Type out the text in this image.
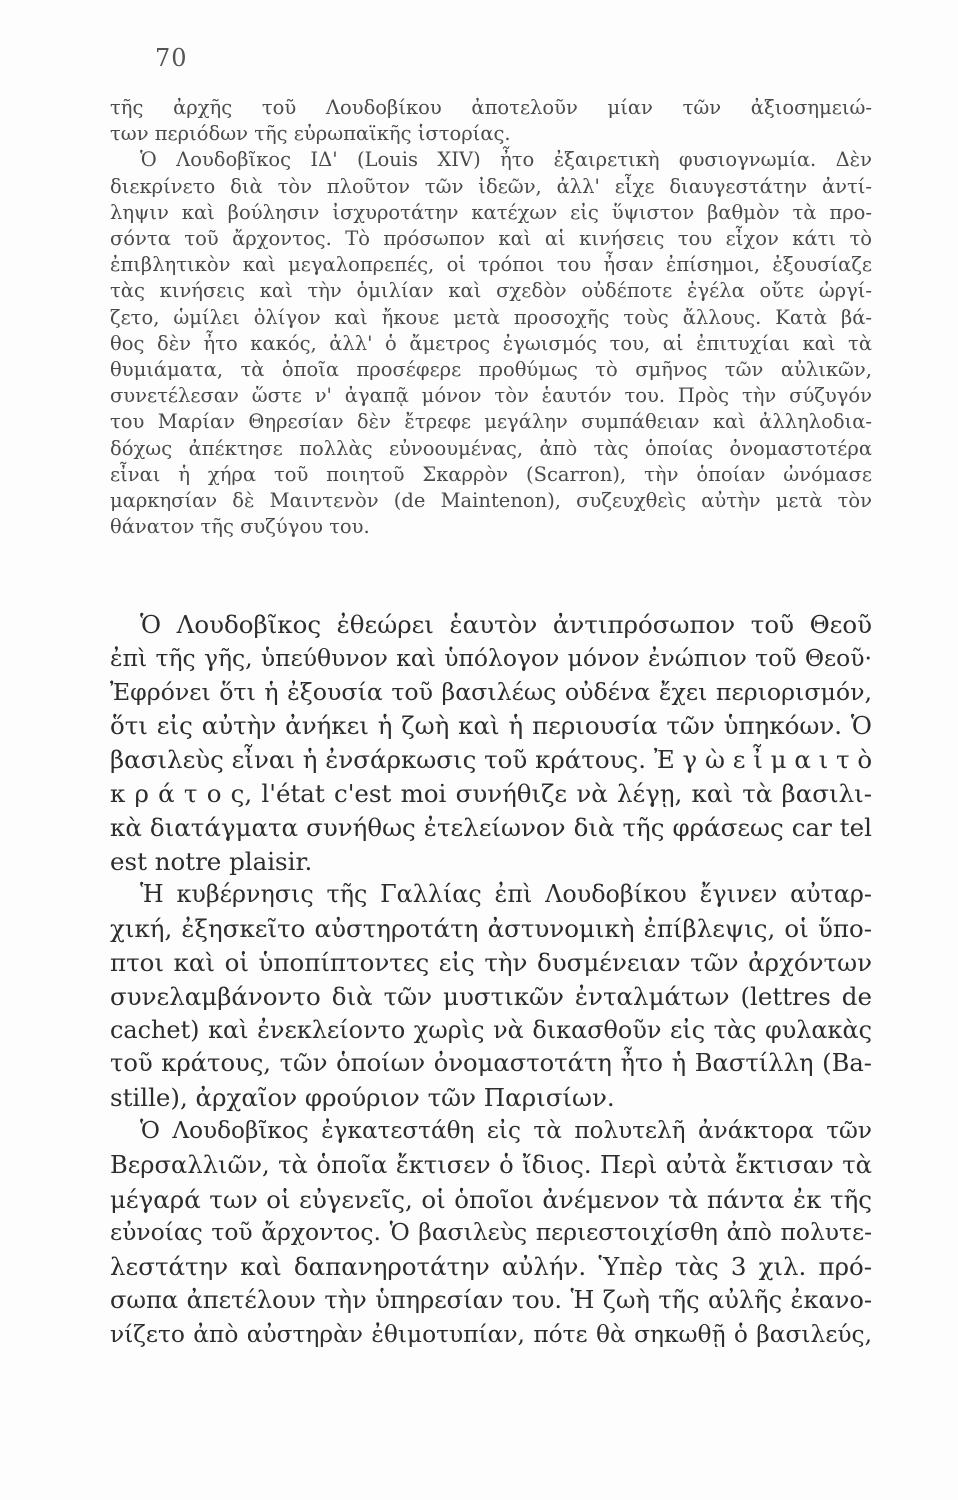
70
τῆς ἀρχῆς τοῦ Λουδοβίκου ἀποτελοῦν μίαν τῶν ἀξιοσημειώ-
των περιόδων τῆς εὐρωπαϊκῆς ἱστορίας.
Ὁ Λουδοβῖκος ΙΔ' (Louis XIV) ἦτο ἐξαιρετικὴ φυσιογνωμία. Δὲν
διεκρίνετο διὰ τὸν πλοῦτον τῶν ἰδεῶν, ἀλλ' εἶχε διαυγεστάτην ἀντί-
ληψιν καὶ βούλησιν ἰσχυροτάτην κατέχων εἰς ὕψιστον βαθμὸν τὰ προ-
σόντα τοῦ ἄρχοντος. Τὸ πρόσωπον καὶ αἱ κινήσεις του εἶχον κάτι τὸ
ἐπιβλητικὸν καὶ μεγαλοπρεπές, οἱ τρόποι του ἦσαν ἐπίσημοι, ἐξουσίαζε
τὰς κινήσεις καὶ τὴν ὁμιλίαν καὶ σχεδὸν οὐδέποτε ἐγέλα οὔτε ὠργί-
ζετο, ὡμίλει ὀλίγον καὶ ἤκουε μετὰ προσοχῆς τοὺς ἄλλους. Κατὰ βά-
θος δὲν ἦτο κακός, ἀλλ' ὁ ἄμετρος ἐγωισμός του, αἱ ἐπιτυχίαι καὶ τὰ
θυμιάματα, τὰ ὁποῖα προσέφερε προθύμως τὸ σμῆνος τῶν αὐλικῶν,
συνετέλεσαν ὥστε ν' ἀγαπᾷ μόνον τὸν ἑαυτόν του. Πρὸς τὴν σύζυγόν
του Μαρίαν Θηρεσίαν δὲν ἔτρεφε μεγάλην συμπάθειαν καὶ ἀλληλοδια-
δόχως ἀπέκτησε πολλὰς εὐνοουμένας, ἀπὸ τὰς ὁποίας ὀνομαστοτέρα
εἶναι ἡ χήρα τοῦ ποιητοῦ Σκαρρὸν (Scarron), τὴν ὁποίαν ὠνόμασε
μαρκησίαν δὲ Μαιντενὸν (de Maintenon), συζευχθεὶς αὐτὴν μετὰ τὸν
θάνατον τῆς συζύγου του.
Ὁ Λουδοβῖκος ἐθεώρει ἑαυτὸν ἀντιπρόσωπον τοῦ Θεοῦ
ἐπὶ τῆς γῆς, ὑπεύθυνον καὶ ὑπόλογον μόνον ἐνώπιον τοῦ Θεοῦ·
Ἐφρόνει ὅτι ἡ ἐξουσία τοῦ βασιλέως οὐδένα ἔχει περιορισμόν,
ὅτι εἰς αὐτὴν ἀνήκει ἡ ζωὴ καὶ ἡ περιουσία τῶν ὑπηκόων. Ὁ
βασιλεὺς εἶναι ἡ ἐνσάρκωσις τοῦ κράτους. Ἐ γ ὼ ε ἶ μ α ι τ ὸ
κ ρ ά τ ο ς, l'état c'est moi συνήθιζε νὰ λέγῃ, καὶ τὰ βασιλι-
κὰ διατάγματα συνήθως ἐτελείωνον διὰ τῆς φράσεως car tel
est notre plaisir.
Ἡ κυβέρνησις τῆς Γαλλίας ἐπὶ Λουδοβίκου ἔγινεν αὐταρ-
χική, ἐξησκεῖτο αὐστηροτάτη ἀστυνομικὴ ἐπίβλεψις, οἱ ὕπο-
πτοι καὶ οἱ ὑποπίπτοντες εἰς τὴν δυσμένειαν τῶν ἀρχόντων
συνελαμβάνοντο διὰ τῶν μυστικῶν ἐνταλμάτων (lettres de
cachet) καὶ ἐνεκλείοντο χωρὶς νὰ δικασθοῦν εἰς τὰς φυλακὰς
τοῦ κράτους, τῶν ὁποίων ὀνομαστοτάτη ἦτο ἡ Βαστίλλη (Ba-
stille), ἀρχαῖον φρούριον τῶν Παρισίων.
Ὁ Λουδοβῖκος ἐγκατεστάθη εἰς τὰ πολυτελῆ ἀνάκτορα τῶν
Βερσαλλιῶν, τὰ ὁποῖα ἔκτισεν ὁ ἴδιος. Περὶ αὐτὰ ἔκτισαν τὰ
μέγαρά των οἱ εὐγενεῖς, οἱ ὁποῖοι ἀνέμενον τὰ πάντα ἐκ τῆς
εὐνοίας τοῦ ἄρχοντος. Ὁ βασιλεὺς περιεστοιχίσθη ἀπὸ πολυτε-
λεστάτην καὶ δαπανηροτάτην αὐλήν. Ὑπὲρ τὰς 3 χιλ. πρό-
σωπα ἀπετέλουν τὴν ὑπηρεσίαν του. Ἡ ζωὴ τῆς αὐλῆς ἐκανο-
νίζετο ἀπὸ αὐστηρὰν ἐθιμοτυπίαν, πότε θὰ σηκωθῇ ὁ βασιλεύς,
